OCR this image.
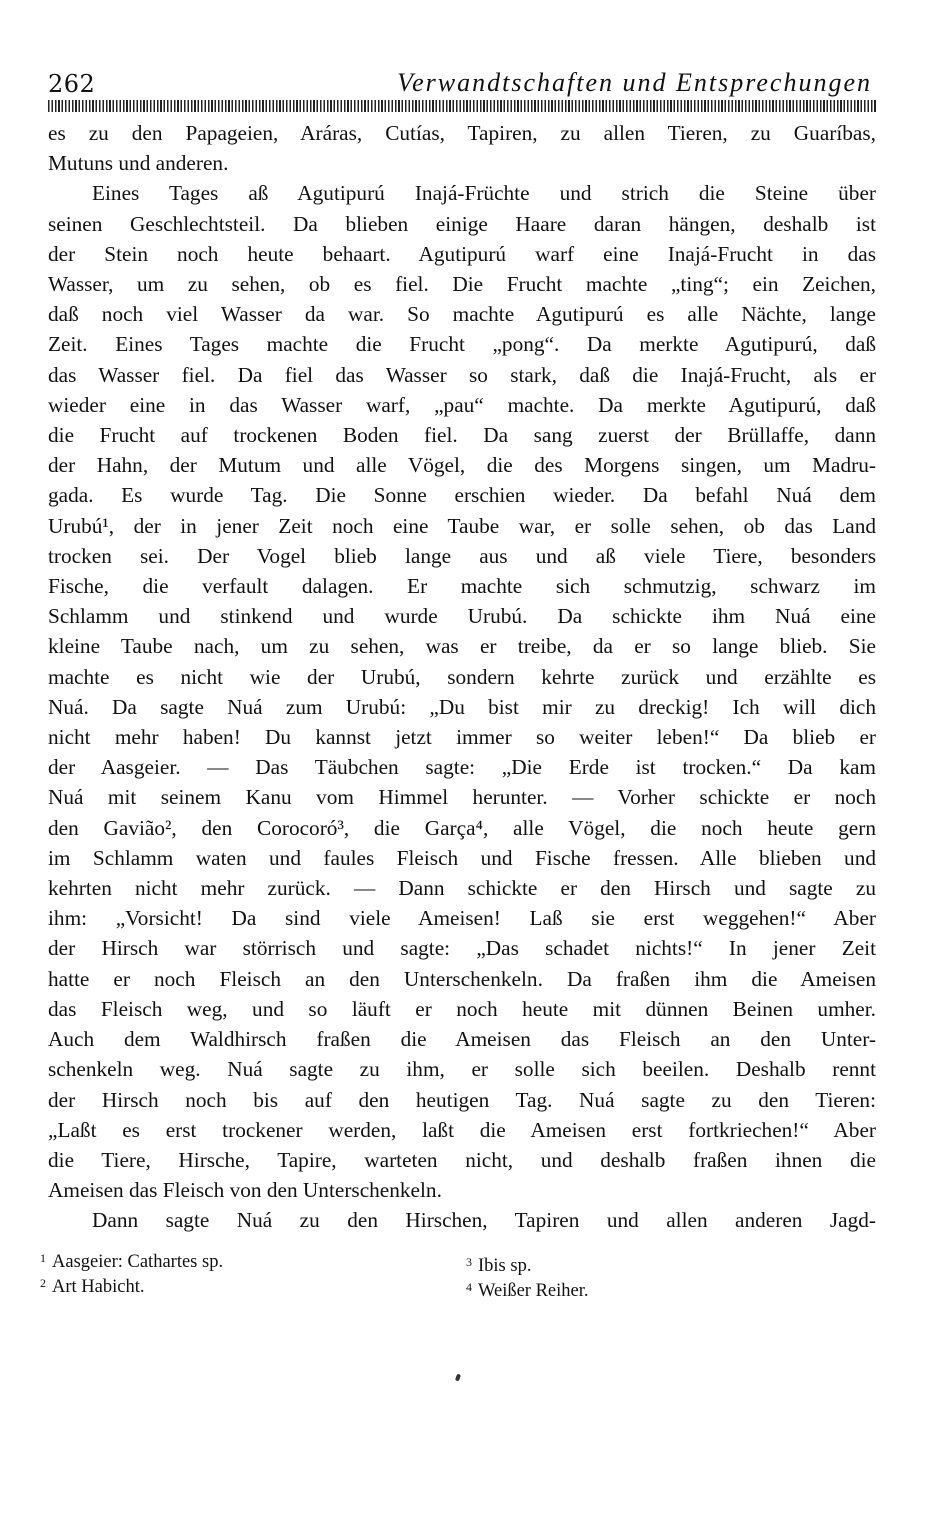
262	Verwandtschaften und Entsprechungen
es zu den Papageien, Aráras, Cutías, Tapiren, zu allen Tieren, zu Guaríbas,
Mutuns und anderen.
Eines Tages aß Agutipurú Inajá-Früchte und strich die Steine über
seinen Geschlechtsteil. Da blieben einige Haare daran hängen, deshalb ist
der Stein noch heute behaart. Agutipurú warf eine Inajá-Frucht in das
Wasser, um zu sehen, ob es fiel. Die Frucht machte „ting“; ein Zeichen,
daß noch viel Wasser da war. So machte Agutipurú es alle Nächte, lange
Zeit. Eines Tages machte die Frucht „pong“. Da merkte Agutipurú, daß
das Wasser fiel. Da fiel das Wasser so stark, daß die Inajá-Frucht, als er
wieder eine in das Wasser warf, „pau“ machte. Da merkte Agutipurú, daß
die Frucht auf trockenen Boden fiel. Da sang zuerst der Brüllaffe, dann
der Hahn, der Mutum und alle Vögel, die des Morgens singen, um Madru-
gada. Es wurde Tag. Die Sonne erschien wieder. Da befahl Nuá dem
Urubú¹, der in jener Zeit noch eine Taube war, er solle sehen, ob das Land
trocken sei. Der Vogel blieb lange aus und aß viele Tiere, besonders
Fische, die verfault dalagen. Er machte sich schmutzig, schwarz im
Schlamm und stinkend und wurde Urubú. Da schickte ihm Nuá eine
kleine Taube nach, um zu sehen, was er treibe, da er so lange blieb. Sie
machte es nicht wie der Urubú, sondern kehrte zurück und erzählte es
Nuá. Da sagte Nuá zum Urubú: „Du bist mir zu dreckig! Ich will dich
nicht mehr haben! Du kannst jetzt immer so weiter leben!“ Da blieb er
der Aasgeier. — Das Täubchen sagte: „Die Erde ist trocken.“ Da kam
Nuá mit seinem Kanu vom Himmel herunter. — Vorher schickte er noch
den Gavião², den Corocoró³, die Garça⁴, alle Vögel, die noch heute gern
im Schlamm waten und faules Fleisch und Fische fressen. Alle blieben und
kehrten nicht mehr zurück. — Dann schickte er den Hirsch und sagte zu
ihm: „Vorsicht! Da sind viele Ameisen! Laß sie erst weggehen!“ Aber
der Hirsch war störrisch und sagte: „Das schadet nichts!“ In jener Zeit
hatte er noch Fleisch an den Unterschenkeln. Da fraßen ihm die Ameisen
das Fleisch weg, und so läuft er noch heute mit dünnen Beinen umher.
Auch dem Waldhirsch fraßen die Ameisen das Fleisch an den Unter-
schenkeln weg. Nuá sagte zu ihm, er solle sich beeilen. Deshalb rennt
der Hirsch noch bis auf den heutigen Tag. Nuá sagte zu den Tieren:
„Laßt es erst trockener werden, laßt die Ameisen erst fortkriechen!“ Aber
die Tiere, Hirsche, Tapire, warteten nicht, und deshalb fraßen ihnen die
Ameisen das Fleisch von den Unterschenkeln.
Dann sagte Nuá zu den Hirschen, Tapiren und allen anderen Jagd-
$^1$ Aasgeier: Cathartes sp.
$^2$ Art Habicht.
$^3$ Ibis sp.
$^4$ Weißer Reiher.
